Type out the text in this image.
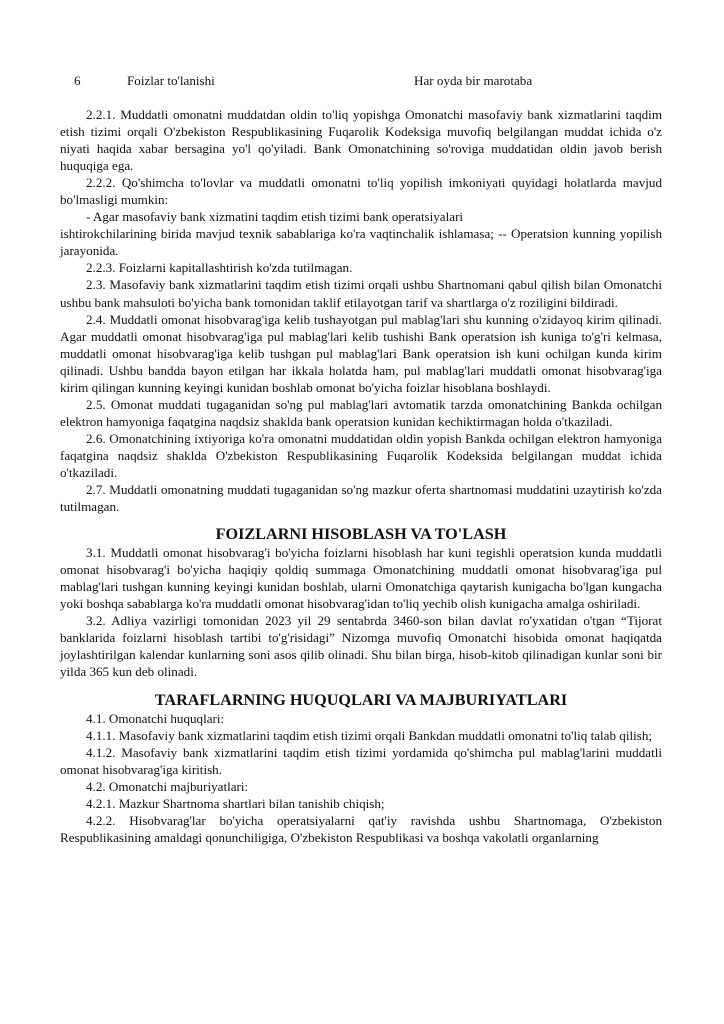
6	Foizlar to'lanishi	Har oyda bir marotaba

2.2.1. Muddatli omonatni muddatdan oldin to'liq yopishga Omonatchi masofaviy bank xizmatlarini taqdim etish tizimi orqali O'zbekiston Respublikasining Fuqarolik Kodeksiga muvofiq belgilangan muddat ichida o'z niyati haqida xabar bersagina yo'l qo'yiladi. Bank Omonatchining so'roviga muddatidan oldin javob berish huquqiga ega.

2.2.2. Qo'shimcha to'lovlar va muddatli omonatni to'liq yopilish imkoniyati quyidagi holatlarda mavjud bo'lmasligi mumkin:

- Agar masofaviy bank xizmatini taqdim etish tizimi bank operatsiyalari

ishtirokchilarining birida mavjud texnik sabablariga ko'ra vaqtinchalik ishlamasa; -- Operatsion kunning yopilish jarayonida.

2.2.3. Foizlarni kapitallashtirish ko'zda tutilmagan.

2.3. Masofaviy bank xizmatlarini taqdim etish tizimi orqali ushbu Shartnomani qabul qilish bilan Omonatchi ushbu bank mahsuloti bo'yicha bank tomonidan taklif etilayotgan tarif va shartlarga o'z roziligini bildiradi.

2.4. Muddatli omonat hisobvarag'iga kelib tushayotgan pul mablag'lari shu kunning o'zidayoq kirim qilinadi. Agar muddatli omonat hisobvarag'iga pul mablag'lari kelib tushishi Bank operatsion ish kuniga to'g'ri kelmasa, muddatli omonat hisobvarag'iga kelib tushgan pul mablag'lari Bank operatsion ish kuni ochilgan kunda kirim qilinadi. Ushbu bandda bayon etilgan har ikkala holatda ham, pul mablag'lari muddatli omonat hisobvarag'iga kirim qilingan kunning keyingi kunidan boshlab omonat bo'yicha foizlar hisoblana boshlaydi.

2.5. Omonat muddati tugaganidan so'ng pul mablag'lari avtomatik tarzda omonatchining Bankda ochilgan elektron hamyoniga faqatgina naqdsiz shaklda bank operatsion kunidan kechiktirmagan holda o'tkaziladi.

2.6. Omonatchining ixtiyoriga ko'ra omonatni muddatidan oldin yopish Bankda ochilgan elektron hamyoniga faqatgina naqdsiz shaklda O'zbekiston Respublikasining Fuqarolik Kodeksida belgilangan muddat ichida o'tkaziladi.

2.7. Muddatli omonatning muddati tugaganidan so'ng mazkur oferta shartnomasi muddatini uzaytirish ko'zda tutilmagan.

FOIZLARNI HISOBLASH VA TO'LASH

3.1. Muddatli omonat hisobvarag'i bo'yicha foizlarni hisoblash har kuni tegishli operatsion kunda muddatli omonat hisobvarag'i bo'yicha haqiqiy qoldiq summaga Omonatchining muddatli omonat hisobvarag'iga pul mablag'lari tushgan kunning keyingi kunidan boshlab, ularni Omonatchiga qaytarish kunigacha bo'lgan kungacha yoki boshqa sabablarga ko'ra muddatli omonat hisobvarag'idan to'liq yechib olish kunigacha amalga oshiriladi.

3.2. Adliya vazirligi tomonidan 2023 yil 29 sentabrda 3460-son bilan davlat ro'yxatidan o'tgan “Tijorat banklarida foizlarni hisoblash tartibi to'g'risidagi” Nizomga muvofiq Omonatchi hisobida omonat haqiqatda joylashtirilgan kalendar kunlarning soni asos qilib olinadi. Shu bilan birga, hisob-kitob qilinadigan kunlar soni bir yilda 365 kun deb olinadi.

TARAFLARNING HUQUQLARI VA MAJBURIYATLARI

4.1. Omonatchi huquqlari:

4.1.1. Masofaviy bank xizmatlarini taqdim etish tizimi orqali Bankdan muddatli omonatni to'liq talab qilish;

4.1.2. Masofaviy bank xizmatlarini taqdim etish tizimi yordamida qo'shimcha pul mablag'larini muddatli omonat hisobvarag'iga kiritish.

4.2. Omonatchi majburiyatlari:

4.2.1. Mazkur Shartnoma shartlari bilan tanishib chiqish;

4.2.2. Hisobvarag'lar bo'yicha operatsiyalarni qat'iy ravishda ushbu Shartnomaga, O'zbekiston Respublikasining amaldagi qonunchiligiga, O'zbekiston Respublikasi va boshqa vakolatli organlarning
